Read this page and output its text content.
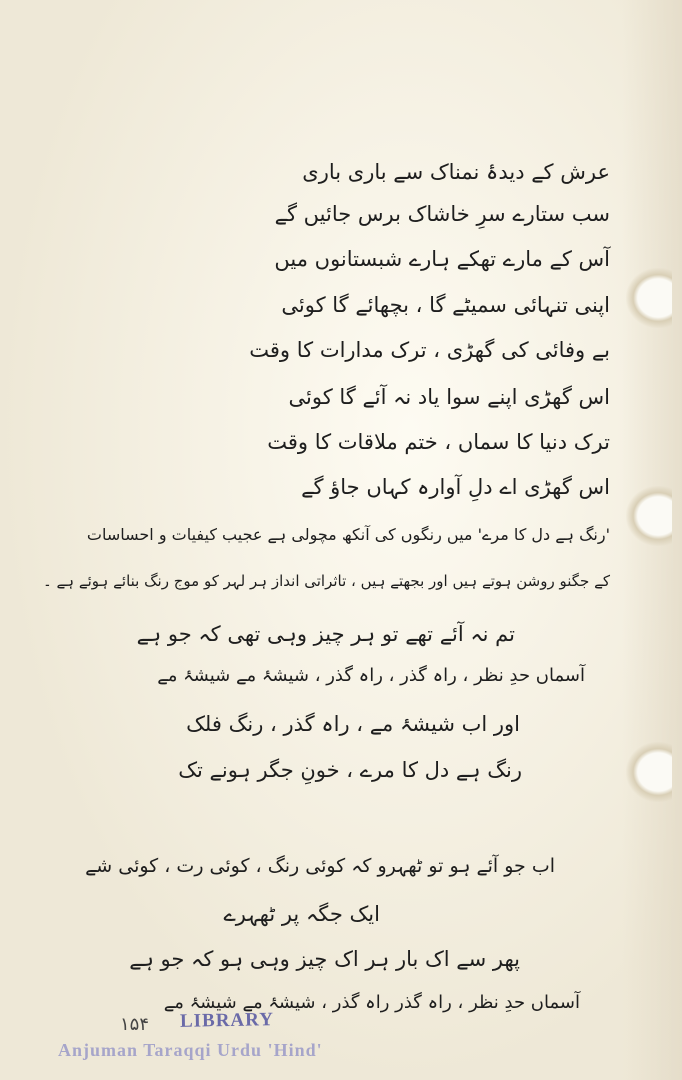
عرش کے دیدۂ نمناک سے باری باری
سب ستارے سرِ خاشاک برس جائیں گے
آس کے مارے تھکے ہارے شبستانوں میں
اپنی تنہائی سمیٹے گا ، بچھائے گا کوئی
بے وفائی کی گھڑی ، ترک مدارات کا وقت
اس گھڑی اپنے سوا یاد نہ آئے گا کوئی
ترک دنیا کا سماں ، ختم ملاقات کا وقت
اس گھڑی اے دلِ آوارہ کہاں جاؤ گے
'رنگ ہے دل کا مرے' میں رنگوں کی آنکھ مچولی ہے عجیب کیفیات و احساسات
کے جگنو روشن ہوتے ہیں اور بجھتے ہیں ، تاثراتی انداز ہر لہر کو موج رنگ بنائے ہوئے ہے ۔
تم نہ آئے تھے تو ہر چیز وہی تھی کہ جو ہے
آسماں حدِ نظر ، راہ گذر ، راہ گذر ، شیشۂ مے شیشۂ مے
اور اب شیشۂ مے ، راہ گذر ، رنگ فلک
رنگ ہے دل کا مرے ، خونِ جگر ہونے تک
اب جو آئے ہو تو ٹھہرو کہ کوئی رنگ ، کوئی رت ، کوئی شے
ایک جگہ پر ٹھہرے
پھر سے اک بار ہر اک چیز وہی ہو کہ جو ہے
آسماں حدِ نظر ، راہ گذر راہ گذر ، شیشۂ مے شیشۂ مے
۱۵۴ LIBRARY
Anjuman Taraqqi Urdu 'Hind'
